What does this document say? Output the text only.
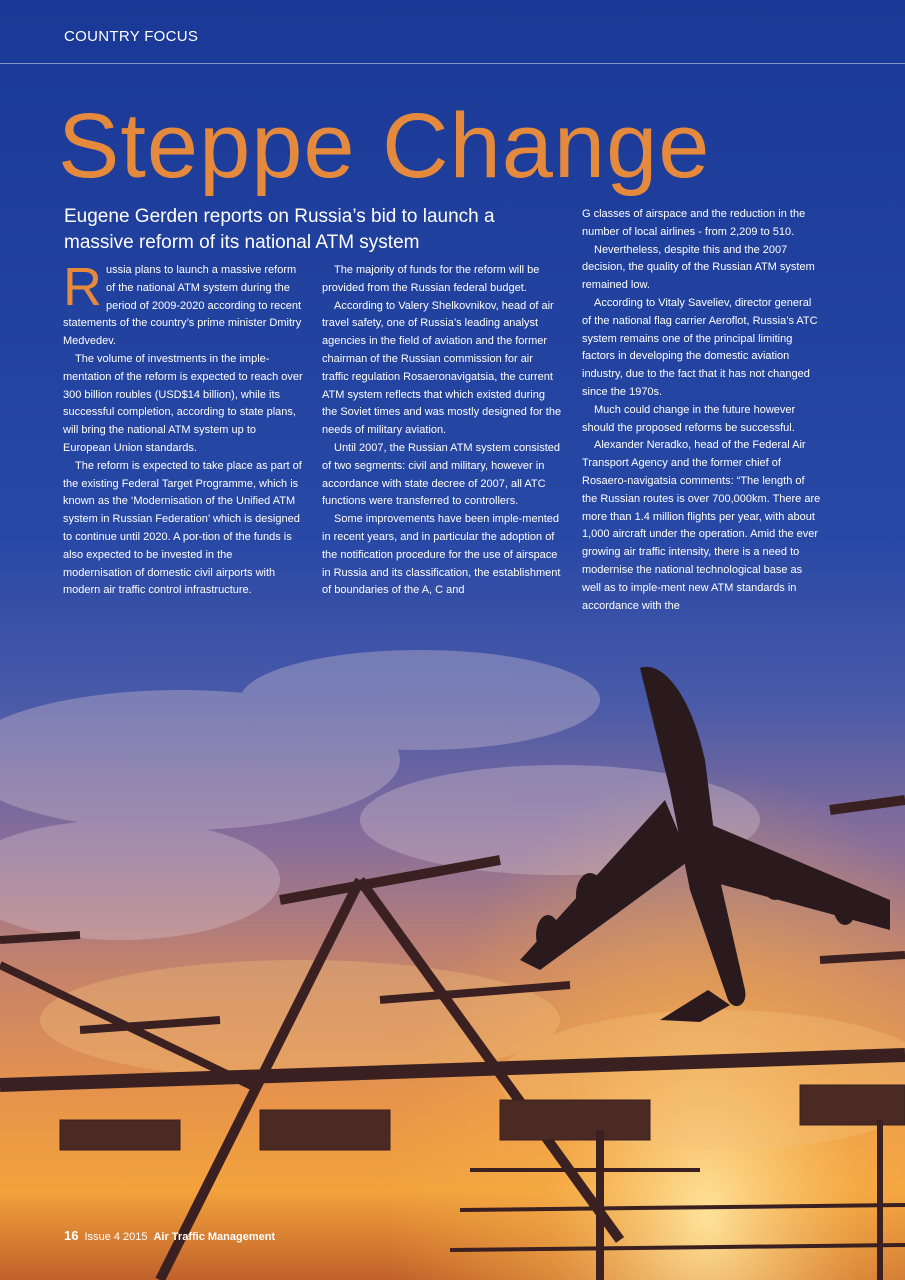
COUNTRY FOCUS
Steppe Change

Eugene Gerden reports on Russia’s bid to launch a massive reform of its national ATM system

Russia plans to launch a massive reform of the national ATM system during the period of 2009-2020 according to recent statements of the country’s prime minister Dmitry Medvedev.

The volume of investments in the imple-mentation of the reform is expected to reach over 300 billion roubles (USD$14 billion), while its successful completion, according to state plans, will bring the national ATM system up to European Union standards.

The reform is expected to take place as part of the existing Federal Target Programme, which is known as the ‘Modernisation of the Unified ATM system in Russian Federation’ which is designed to continue until 2020. A por-tion of the funds is also expected to be invested in the modernisation of domestic civil airports with modern air traffic control infrastructure.

The majority of funds for the reform will be provided from the Russian federal budget.

According to Valery Shelkovnikov, head of air travel safety, one of Russia’s leading analyst agencies in the field of aviation and the former chairman of the Russian commission for air traffic regulation Rosaeronavigatsia, the current ATM system reflects that which existed during the Soviet times and was mostly designed for the needs of military aviation.

Until 2007, the Russian ATM system consisted of two segments: civil and military, however in accordance with state decree of 2007, all ATC functions were transferred to controllers.

Some improvements have been imple-mented in recent years, and in particular the adoption of the notification procedure for the use of airspace in Russia and its classification, the establishment of boundaries of the A, C and

G classes of airspace and the reduction in the number of local airlines - from 2,209 to 510.

Nevertheless, despite this and the 2007 decision, the quality of the Russian ATM system remained low.

According to Vitaly Saveliev, director general of the national flag carrier Aeroflot, Russia’s ATC system remains one of the principal limiting factors in developing the domestic aviation industry, due to the fact that it has not changed since the 1970s.

Much could change in the future however should the proposed reforms be successful.

Alexander Neradko, head of the Federal Air Transport Agency and the former chief of Rosaero-navigatsia comments: “The length of the Russian routes is over 700,000km. There are more than 1.4 million flights per year, with about 1,000 aircraft under the operation. Amid the ever growing air traffic intensity, there is a need to modernise the national technological base as well as to imple-ment new ATM standards in accordance with the

16 Issue 4 2015 Air Traffic Management
